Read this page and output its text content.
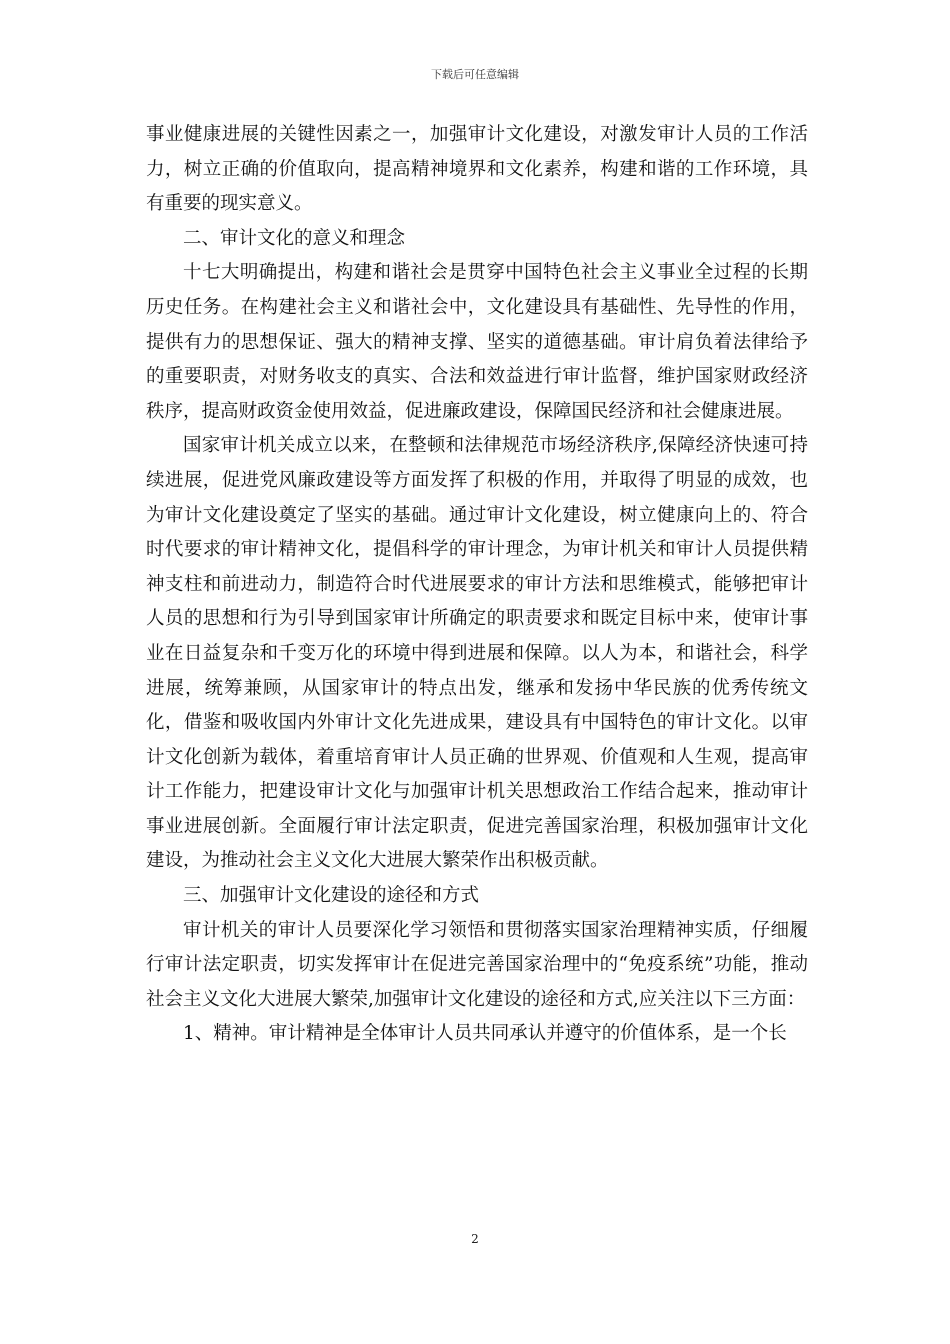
下载后可任意编辑

事业健康进展的关键性因素之一，加强审计文化建设，对激发审计人员的工作活力，树立正确的价值取向，提高精神境界和文化素养，构建和谐的工作环境，具有重要的现实意义。

二、审计文化的意义和理念

十七大明确提出，构建和谐社会是贯穿中国特色社会主义事业全过程的长期历史任务。在构建社会主义和谐社会中，文化建设具有基础性、先导性的作用，提供有力的思想保证、强大的精神支撑、坚实的道德基础。审计肩负着法律给予的重要职责，对财务收支的真实、合法和效益进行审计监督，维护国家财政经济秩序，提高财政资金使用效益，促进廉政建设，保障国民经济和社会健康进展。

国家审计机关成立以来，在整顿和法律规范市场经济秩序,保障经济快速可持续进展，促进党风廉政建设等方面发挥了积极的作用，并取得了明显的成效，也为审计文化建设奠定了坚实的基础。通过审计文化建设，树立健康向上的、符合时代要求的审计精神文化，提倡科学的审计理念，为审计机关和审计人员提供精神支柱和前进动力，制造符合时代进展要求的审计方法和思维模式，能够把审计人员的思想和行为引导到国家审计所确定的职责要求和既定目标中来，使审计事业在日益复杂和千变万化的环境中得到进展和保障。以人为本，和谐社会，科学进展，统筹兼顾，从国家审计的特点出发，继承和发扬中华民族的优秀传统文化，借鉴和吸收国内外审计文化先进成果，建设具有中国特色的审计文化。以审计文化创新为载体，着重培育审计人员正确的世界观、价值观和人生观，提高审计工作能力，把建设审计文化与加强审计机关思想政治工作结合起来，推动审计事业进展创新。全面履行审计法定职责，促进完善国家治理，积极加强审计文化建设，为推动社会主义文化大进展大繁荣作出积极贡献。

三、加强审计文化建设的途径和方式

审计机关的审计人员要深化学习领悟和贯彻落实国家治理精神实质，仔细履行审计法定职责，切实发挥审计在促进完善国家治理中的“免疫系统”功能，推动社会主义文化大进展大繁荣,加强审计文化建设的途径和方式,应关注以下三方面：

1、精神。审计精神是全体审计人员共同承认并遵守的价值体系，是一个长

2
